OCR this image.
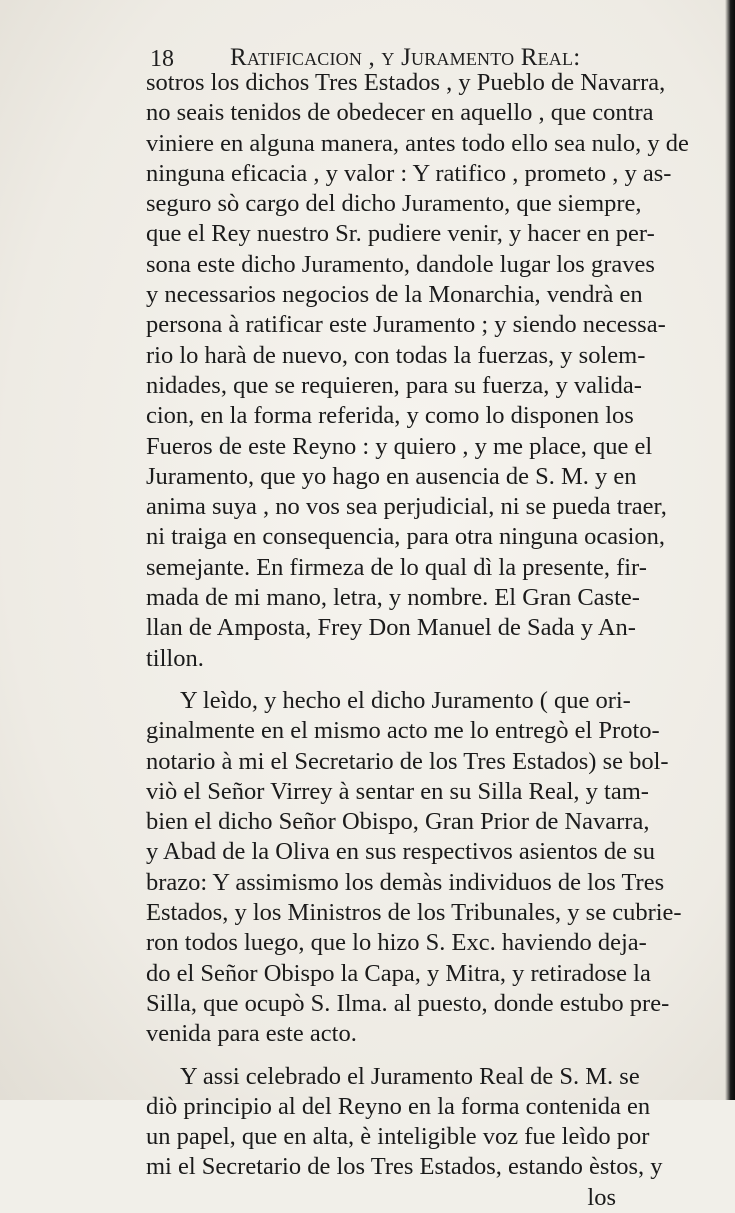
18 Ratificacion , y Juramento Real:
sotros los dichos Tres Estados , y Pueblo de Navarra,
no seais tenidos de obedecer en aquello , que contra
viniere en alguna manera, antes todo ello sea nulo, y de
ninguna eficacia , y valor : Y ratifico , prometo , y as-
seguro sò cargo del dicho Juramento, que siempre,
que el Rey nuestro Sr. pudiere venir, y hacer en per-
sona este dicho Juramento, dandole lugar los graves
y necessarios negocios de la Monarchia, vendrà en
persona à ratificar este Juramento ; y siendo necessa-
rio lo harà de nuevo, con todas la fuerzas, y solem-
nidades, que se requieren, para su fuerza, y valida-
cion, en la forma referida, y como lo disponen los
Fueros de este Reyno : y quiero , y me place, que el
Juramento, que yo hago en ausencia de S. M. y en
anima suya , no vos sea perjudicial, ni se pueda traer,
ni traiga en consequencia, para otra ninguna ocasion,
semejante. En firmeza de lo qual dì la presente, fir-
mada de mi mano, letra, y nombre. El Gran Caste-
llan de Amposta, Frey Don Manuel de Sada y An-
tillon.
Y leìdo, y hecho el dicho Juramento ( que ori-
ginalmente en el mismo acto me lo entregò el Proto-
notario à mi el Secretario de los Tres Estados) se bol-
viò el Señor Virrey à sentar en su Silla Real, y tam-
bien el dicho Señor Obispo, Gran Prior de Navarra,
y Abad de la Oliva en sus respectivos asientos de su
brazo: Y assimismo los demàs individuos de los Tres
Estados, y los Ministros de los Tribunales, y se cubrie-
ron todos luego, que lo hizo S. Exc. haviendo deja-
do el Señor Obispo la Capa, y Mitra, y retiradose la
Silla, que ocupò S. Ilma. al puesto, donde estubo pre-
venida para este acto.
Y assi celebrado el Juramento Real de S. M. se
diò principio al del Reyno en la forma contenida en
un papel, que en alta, è inteligible voz fue leìdo por
mi el Secretario de los Tres Estados, estando èstos, y
los
